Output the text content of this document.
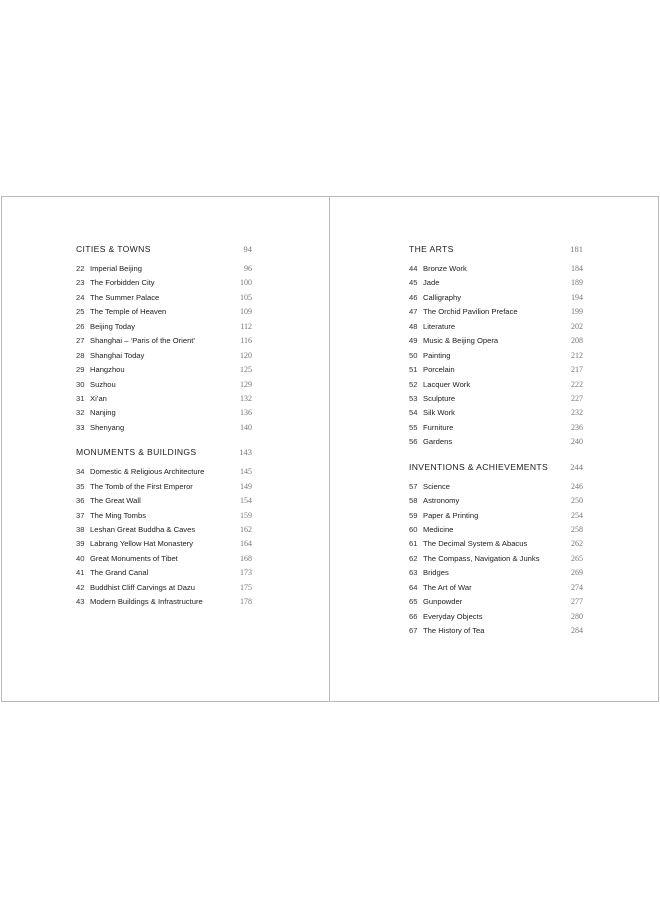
CITIES & TOWNS	94
22 Imperial Beijing	96
23 The Forbidden City	100
24 The Summer Palace	105
25 The Temple of Heaven	109
26 Beijing Today	112
27 Shanghai – ‘Paris of the Orient’	116
28 Shanghai Today	120
29 Hangzhou	125
30 Suzhou	129
31 Xi’an	132
32 Nanjing	136
33 Shenyang	140
MONUMENTS & BUILDINGS	143
34 Domestic & Religious Architecture	145
35 The Tomb of the First Emperor	149
36 The Great Wall	154
37 The Ming Tombs	159
38 Leshan Great Buddha & Caves	162
39 Labrang Yellow Hat Monastery	164
40 Great Monuments of Tibet	168
41 The Grand Canal	173
42 Buddhist Cliff Carvings at Dazu	175
43 Modern Buildings & Infrastructure	178
THE ARTS	181
44 Bronze Work	184
45 Jade	189
46 Calligraphy	194
47 The Orchid Pavilion Preface	199
48 Literature	202
49 Music & Beijing Opera	208
50 Painting	212
51 Porcelain	217
52 Lacquer Work	222
53 Sculpture	227
54 Silk Work	232
55 Furniture	236
56 Gardens	240
INVENTIONS & ACHIEVEMENTS	244
57 Science	246
58 Astronomy	250
59 Paper & Printing	254
60 Medicine	258
61 The Decimal System & Abacus	262
62 The Compass, Navigation & Junks	265
63 Bridges	269
64 The Art of War	274
65 Gunpowder	277
66 Everyday Objects	280
67 The History of Tea	284
